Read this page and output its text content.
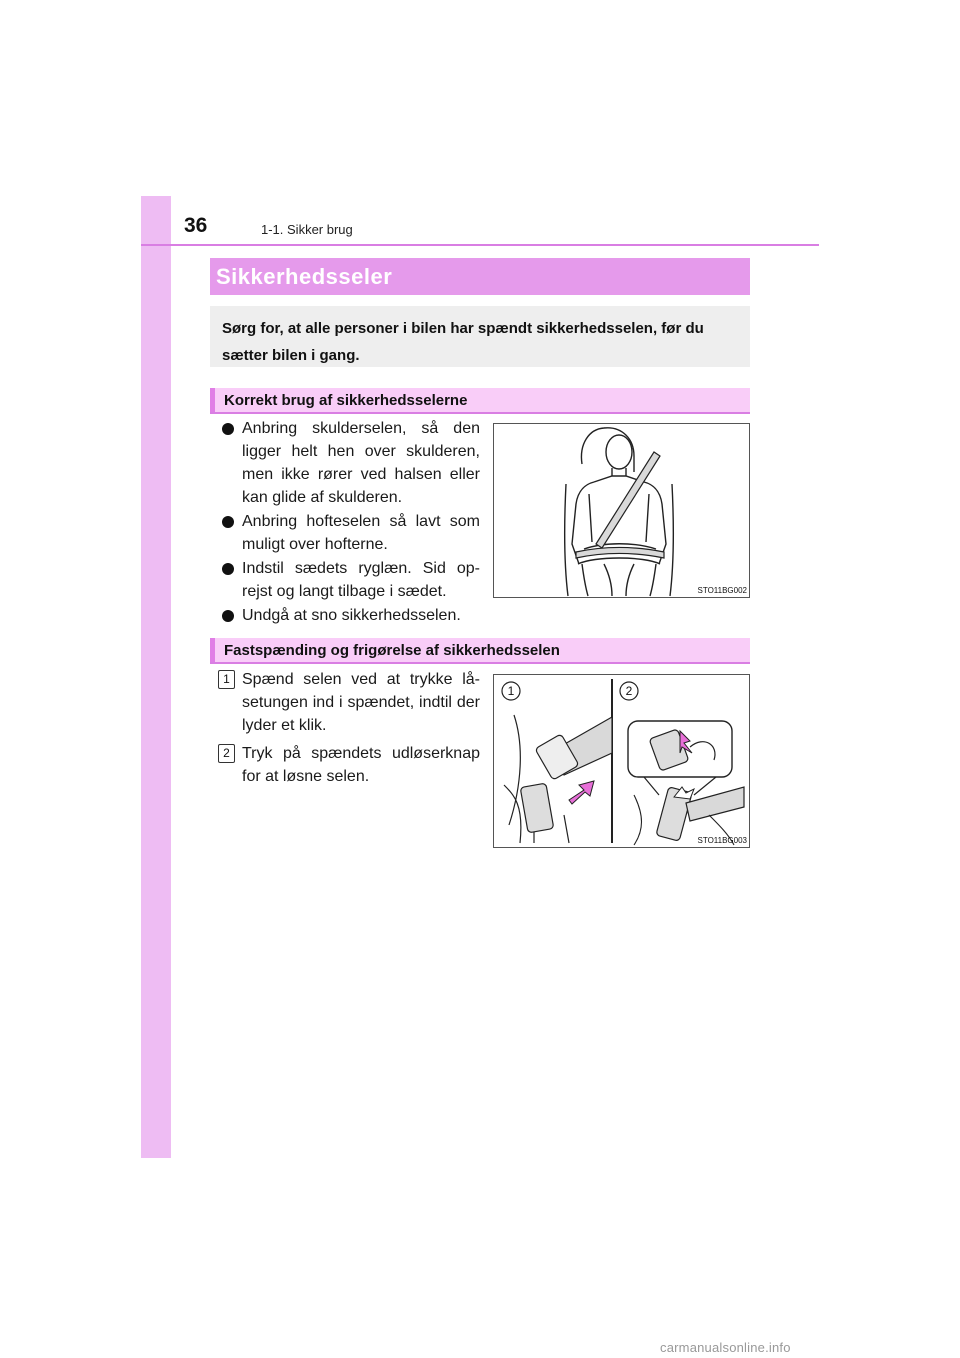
36	1-1. Sikker brug
Sikkerhedsseler
Sørg for, at alle personer i bilen har spændt sikkerhedsselen, før du sætter bilen i gang.
Korrekt brug af sikkerhedsselerne
Anbring skulderselen, så den ligger helt hen over skulderen, men ikke rører ved halsen eller kan glide af skulderen.
Anbring hofteselen så lavt som muligt over hofterne.
Indstil sædets ryglæn. Sid op-rejst og langt tilbage i sædet.
Undgå at sno sikkerhedsselen.
STO11BG002
Fastspænding og frigørelse af sikkerhedsselen
1 Spænd selen ved at trykke lå-setungen ind i spændet, indtil der lyder et klik.
2 Tryk på spændets udløserknap for at løsne selen.
1	2
STO11BG003
carmanualsonline.info
